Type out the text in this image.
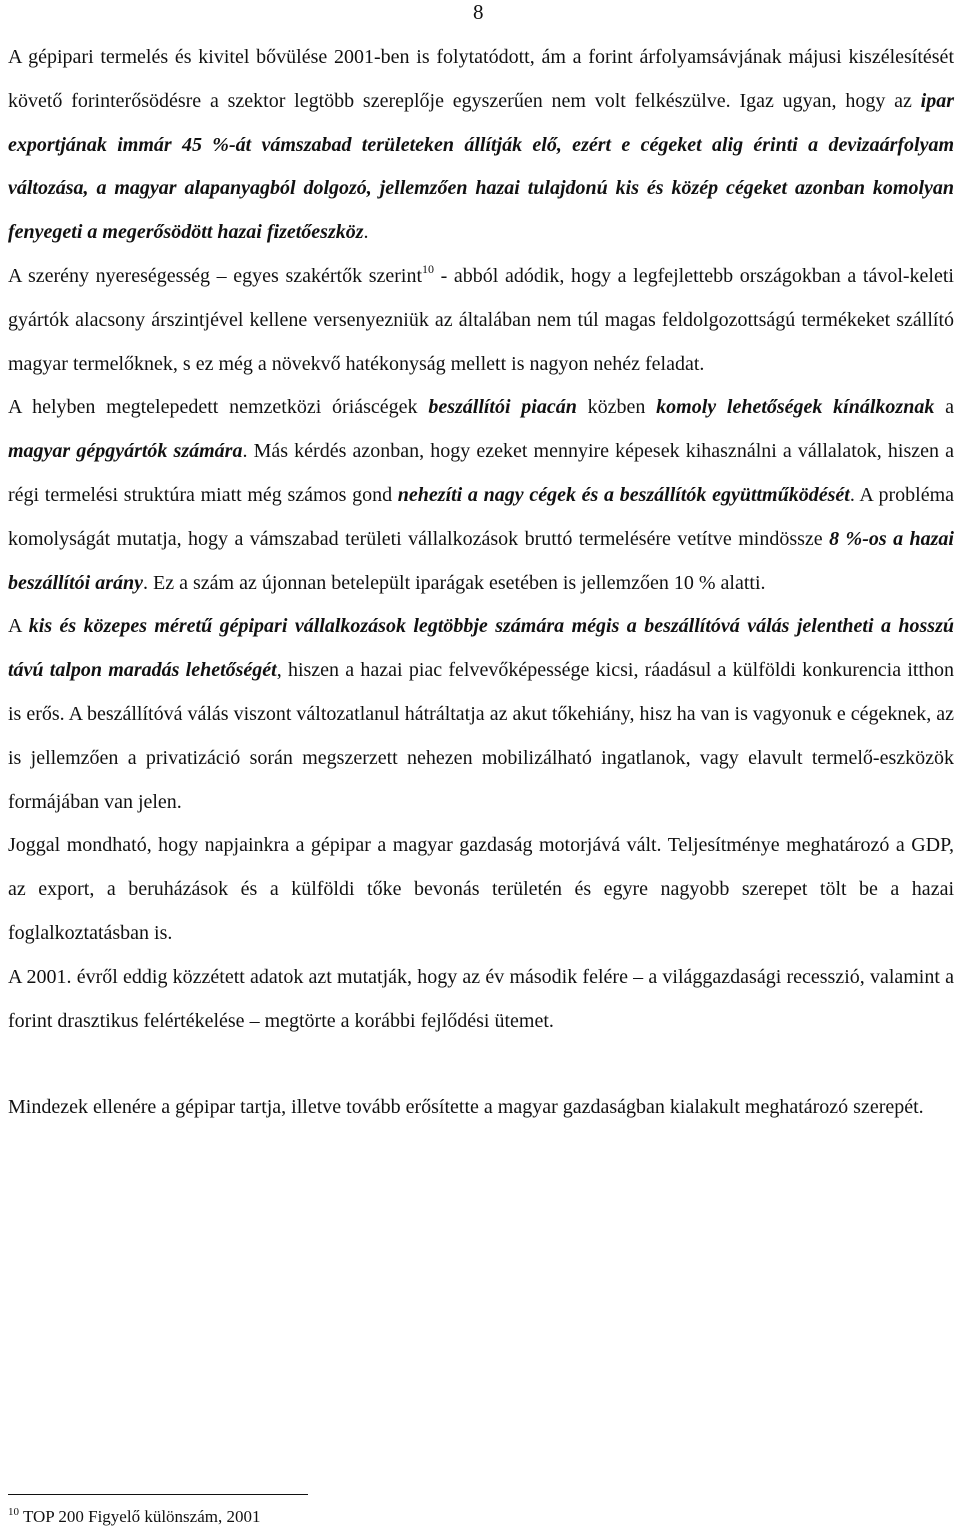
8

A gépipari termelés és kivitel bővülése 2001-ben is folytatódott, ám a forint árfolyamsávjának májusi kiszélesítését követő forinterősödésre a szektor legtöbb szereplője egyszerűen nem volt felkészülve. Igaz ugyan, hogy az ipar exportjának immár 45 %-át vámszabad területeken állítják elő, ezért e cégeket alig érinti a devizaárfolyam változása, a magyar alapanyagból dolgozó, jellemzően hazai tulajdonú kis és közép cégeket azonban komolyan fenyegeti a megerősödött hazai fizetőeszköz.

A szerény nyereségesség – egyes szakértők szerint$^{10}$ - abból adódik, hogy a legfejlettebb országokban a távol-keleti gyártók alacsony árszintjével kellene versenyezniük az általában nem túl magas feldolgozottságú termékeket szállító magyar termelőknek, s ez még a növekvő hatékonyság mellett is nagyon nehéz feladat.

A helyben megtelepedett nemzetközi óriáscégek beszállítói piacán közben komoly lehetőségek kínálkoznak a magyar gépgyártók számára. Más kérdés azonban, hogy ezeket mennyire képesek kihasználni a vállalatok, hiszen a régi termelési struktúra miatt még számos gond nehezíti a nagy cégek és a beszállítók együttműködését. A probléma komolyságát mutatja, hogy a vámszabad területi vállalkozások bruttó termelésére vetítve mindössze 8 %-os a hazai beszállítói arány. Ez a szám az újonnan betelepült iparágak esetében is jellemzően 10 % alatti.

A kis és közepes méretű gépipari vállalkozások legtöbbje számára mégis a beszállítóvá válás jelentheti a hosszú távú talpon maradás lehetőségét, hiszen a hazai piac felvevőképessége kicsi, ráadásul a külföldi konkurencia itthon is erős. A beszállítóvá válás viszont változatlanul hátráltatja az akut tőkehiány, hisz ha van is vagyonuk e cégeknek, az is jellemzően a privatizáció során megszerzett nehezen mobilizálható ingatlanok, vagy elavult termelő-eszközök formájában van jelen.

Joggal mondható, hogy napjainkra a gépipar a magyar gazdaság motorjává vált. Teljesítménye meghatározó a GDP, az export, a beruházások és a külföldi tőke bevonás területén és egyre nagyobb szerepet tölt be a hazai foglalkoztatásban is.

A 2001. évről eddig közzétett adatok azt mutatják, hogy az év második felére – a világgazdasági recesszió, valamint a forint drasztikus felértékelése – megtörte a korábbi fejlődési ütemet.

Mindezek ellenére a gépipar tartja, illetve tovább erősítette a magyar gazdaságban kialakult meghatározó szerepét.

$^{10}$ TOP 200 Figyelő különszám, 2001
